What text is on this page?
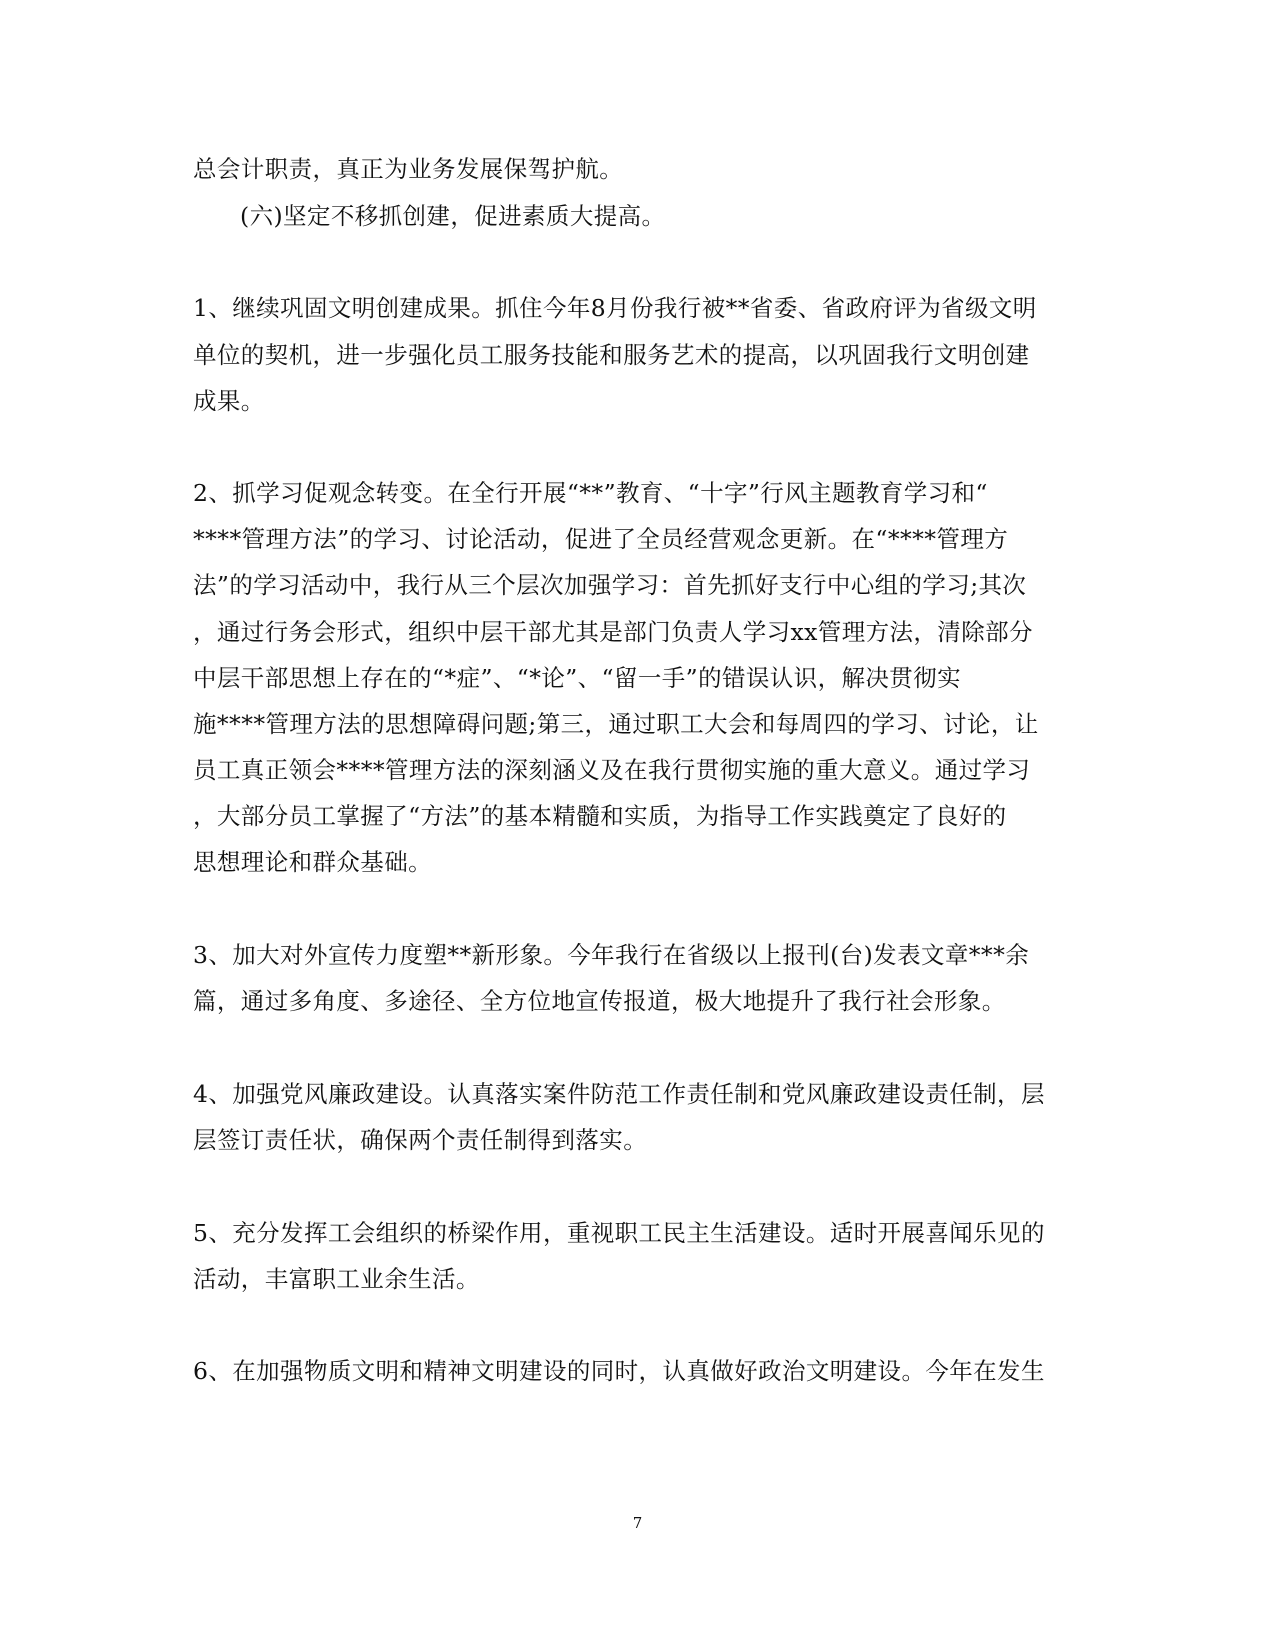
总会计职责，真正为业务发展保驾护航。
(六)坚定不移抓创建，促进素质大提高。
1、继续巩固文明创建成果。抓住今年8月份我行被**省委、省政府评为省级文明
单位的契机，进一步强化员工服务技能和服务艺术的提高，以巩固我行文明创建
成果。
2、抓学习促观念转变。在全行开展“**”教育、“十字”行风主题教育学习和“
****管理方法”的学习、讨论活动，促进了全员经营观念更新。在“****管理方
法”的学习活动中，我行从三个层次加强学习：首先抓好支行中心组的学习;其次
，通过行务会形式，组织中层干部尤其是部门负责人学习xx管理方法，清除部分
中层干部思想上存在的“*症”、“*论”、“留一手”的错误认识，解决贯彻实
施****管理方法的思想障碍问题;第三，通过职工大会和每周四的学习、讨论，让
员工真正领会****管理方法的深刻涵义及在我行贯彻实施的重大意义。通过学习
，大部分员工掌握了“方法”的基本精髓和实质，为指导工作实践奠定了良好的
思想理论和群众基础。
3、加大对外宣传力度塑**新形象。今年我行在省级以上报刊(台)发表文章***余
篇，通过多角度、多途径、全方位地宣传报道，极大地提升了我行社会形象。
4、加强党风廉政建设。认真落实案件防范工作责任制和党风廉政建设责任制，层
层签订责任状，确保两个责任制得到落实。
5、充分发挥工会组织的桥梁作用，重视职工民主生活建设。适时开展喜闻乐见的
活动，丰富职工业余生活。
6、在加强物质文明和精神文明建设的同时，认真做好政治文明建设。今年在发生
7
